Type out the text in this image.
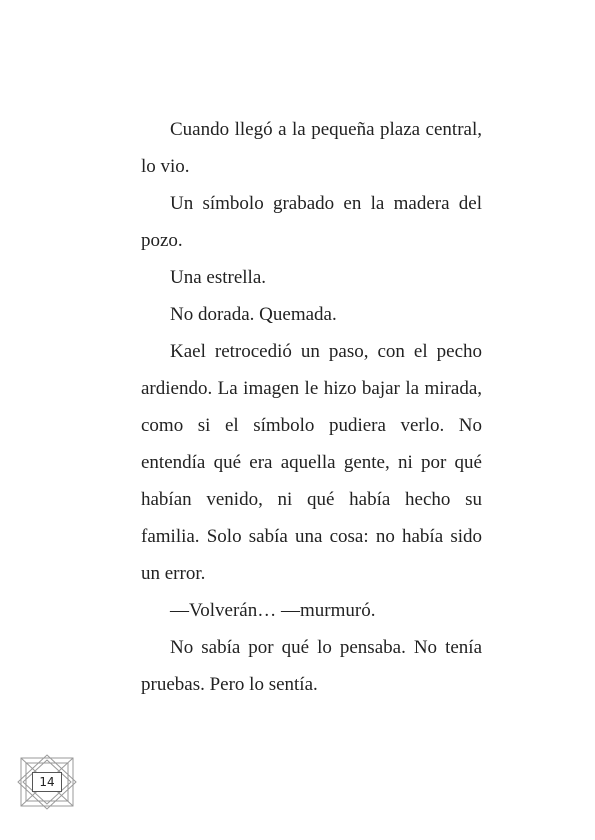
Cuando llegó a la pequeña plaza central, lo vio.

Un símbolo grabado en la madera del pozo.

Una estrella.

No dorada. Quemada.

Kael retrocedió un paso, con el pecho ardiendo. La imagen le hizo bajar la mirada, como si el símbolo pudiera verlo. No entendía qué era aquella gente, ni por qué habían venido, ni qué había hecho su familia. Solo sabía una cosa: no había sido un error.

—Volverán… —murmuró.

No sabía por qué lo pensaba. No tenía pruebas. Pero lo sentía.

14
